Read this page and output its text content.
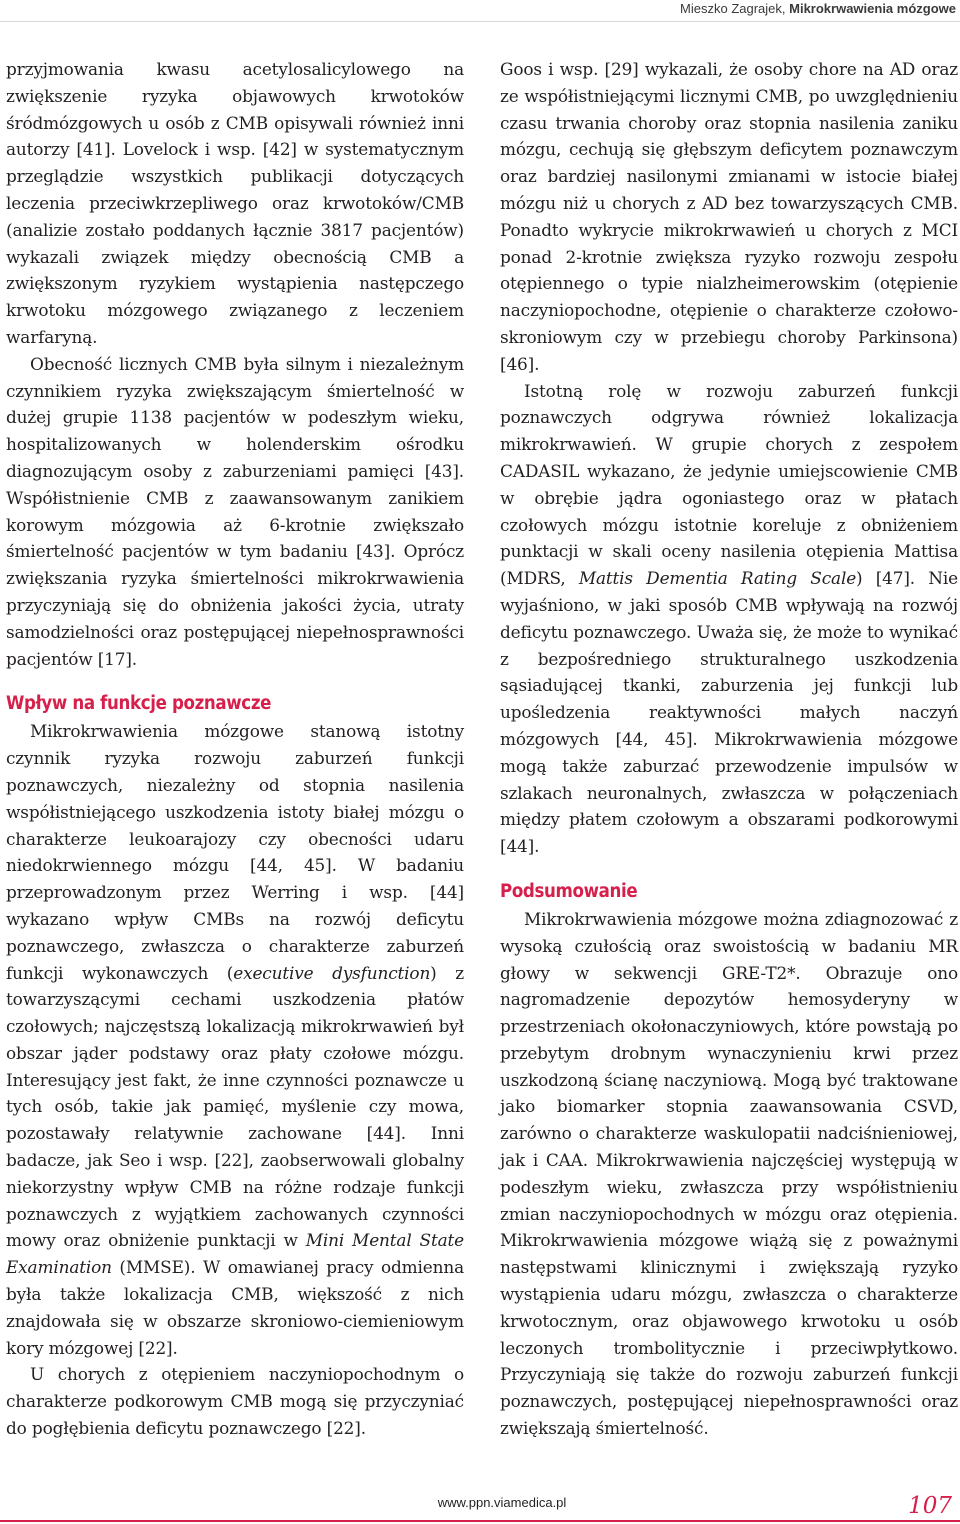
Mieszko Zagrajek, Mikrokrwawienia mózgowe

przyjmowania kwasu acetylosalicylowego na zwiększenie ryzyka objawowych krwotoków śródmózgowych u osób z CMB opisywali również inni autorzy [41]. Lovelock i wsp. [42] w systematycznym przeglądzie wszystkich publikacji dotyczących leczenia przeciwkrzepliwego oraz krwotoków/CMB (analizie zostało poddanych łącznie 3817 pacjentów) wykazali związek między obecnością CMB a zwiększonym ryzykiem wystąpienia następczego krwotoku mózgowego związanego z leczeniem warfaryną.

Obecność licznych CMB była silnym i niezależnym czynnikiem ryzyka zwiększającym śmiertelność w dużej grupie 1138 pacjentów w podeszłym wieku, hospitalizowanych w holenderskim ośrodku diagnozującym osoby z zaburzeniami pamięci [43]. Współistnienie CMB z zaawansowanym zanikiem korowym mózgowia aż 6-krotnie zwiększało śmiertelność pacjentów w tym badaniu [43]. Oprócz zwiększania ryzyka śmiertelności mikrokrwawienia przyczyniają się do obniżenia jakości życia, utraty samodzielności oraz postępującej niepełnosprawności pacjentów [17].

Wpływ na funkcje poznawcze

Mikrokrwawienia mózgowe stanową istotny czynnik ryzyka rozwoju zaburzeń funkcji poznawczych, niezależny od stopnia nasilenia współistniejącego uszkodzenia istoty białej mózgu o charakterze leukoarajozy czy obecności udaru niedokrwiennego mózgu [44, 45]. W badaniu przeprowadzonym przez Werring i wsp. [44] wykazano wpływ CMBs na rozwój deficytu poznawczego, zwłaszcza o charakterze zaburzeń funkcji wykonawczych (executive dysfunction) z towarzyszącymi cechami uszkodzenia płatów czołowych; najczęstszą lokalizacją mikrokrwawień był obszar jąder podstawy oraz płaty czołowe mózgu. Interesujący jest fakt, że inne czynności poznawcze u tych osób, takie jak pamięć, myślenie czy mowa, pozostawały relatywnie zachowane [44]. Inni badacze, jak Seo i wsp. [22], zaobserwowali globalny niekorzystny wpływ CMB na różne rodzaje funkcji poznawczych z wyjątkiem zachowanych czynności mowy oraz obniżenie punktacji w Mini Mental State Examination (MMSE). W omawianej pracy odmienna była także lokalizacja CMB, większość z nich znajdowała się w obszarze skroniowo-ciemieniowym kory mózgowej [22].

U chorych z otępieniem naczyniopochodnym o charakterze podkorowym CMB mogą się przyczyniać do pogłębienia deficytu poznawczego [22].

Goos i wsp. [29] wykazali, że osoby chore na AD oraz ze współistniejącymi licznymi CMB, po uwzględnieniu czasu trwania choroby oraz stopnia nasilenia zaniku mózgu, cechują się głębszym deficytem poznawczym oraz bardziej nasilonymi zmianami w istocie białej mózgu niż u chorych z AD bez towarzyszących CMB. Ponadto wykrycie mikrokrwawień u chorych z MCI ponad 2-krotnie zwiększa ryzyko rozwoju zespołu otępiennego o typie nialzheimerowskim (otępienie naczyniopochodne, otępienie o charakterze czołowo-skroniowym czy w przebiegu choroby Parkinsona) [46].

Istotną rolę w rozwoju zaburzeń funkcji poznawczych odgrywa również lokalizacja mikrokrwawień. W grupie chorych z zespołem CADASIL wykazano, że jedynie umiejscowienie CMB w obrębie jądra ogoniastego oraz w płatach czołowych mózgu istotnie koreluje z obniżeniem punktacji w skali oceny nasilenia otępienia Mattisa (MDRS, Mattis Dementia Rating Scale) [47]. Nie wyjaśniono, w jaki sposób CMB wpływają na rozwój deficytu poznawczego. Uważa się, że może to wynikać z bezpośredniego strukturalnego uszkodzenia sąsiadującej tkanki, zaburzenia jej funkcji lub upośledzenia reaktywności małych naczyń mózgowych [44, 45]. Mikrokrwawienia mózgowe mogą także zaburzać przewodzenie impulsów w szlakach neuronalnych, zwłaszcza w połączeniach między płatem czołowym a obszarami podkorowymi [44].

Podsumowanie

Mikrokrwawienia mózgowe można zdiagnozować z wysoką czułością oraz swoistością w badaniu MR głowy w sekwencji GRE-T2*. Obrazuje ono nagromadzenie depozytów hemosyderyny w przestrzeniach okołonaczyniowych, które powstają po przebytym drobnym wynaczynieniu krwi przez uszkodzoną ścianę naczyniową. Mogą być traktowane jako biomarker stopnia zaawansowania CSVD, zarówno o charakterze waskulopatii nadciśnieniowej, jak i CAA. Mikrokrwawienia najczęściej występują w podeszłym wieku, zwłaszcza przy współistnieniu zmian naczyniopochodnych w mózgu oraz otępienia. Mikrokrwawienia mózgowe wiążą się z poważnymi następstwami klinicznymi i zwiększają ryzyko wystąpienia udaru mózgu, zwłaszcza o charakterze krwotocznym, oraz objawowego krwotoku u osób leczonych trombolitycznie i przeciwpłytkowo. Przyczyniają się także do rozwoju zaburzeń funkcji poznawczych, postępującej niepełnosprawności oraz zwiększają śmiertelność.

www.ppn.viamedica.pl	107
